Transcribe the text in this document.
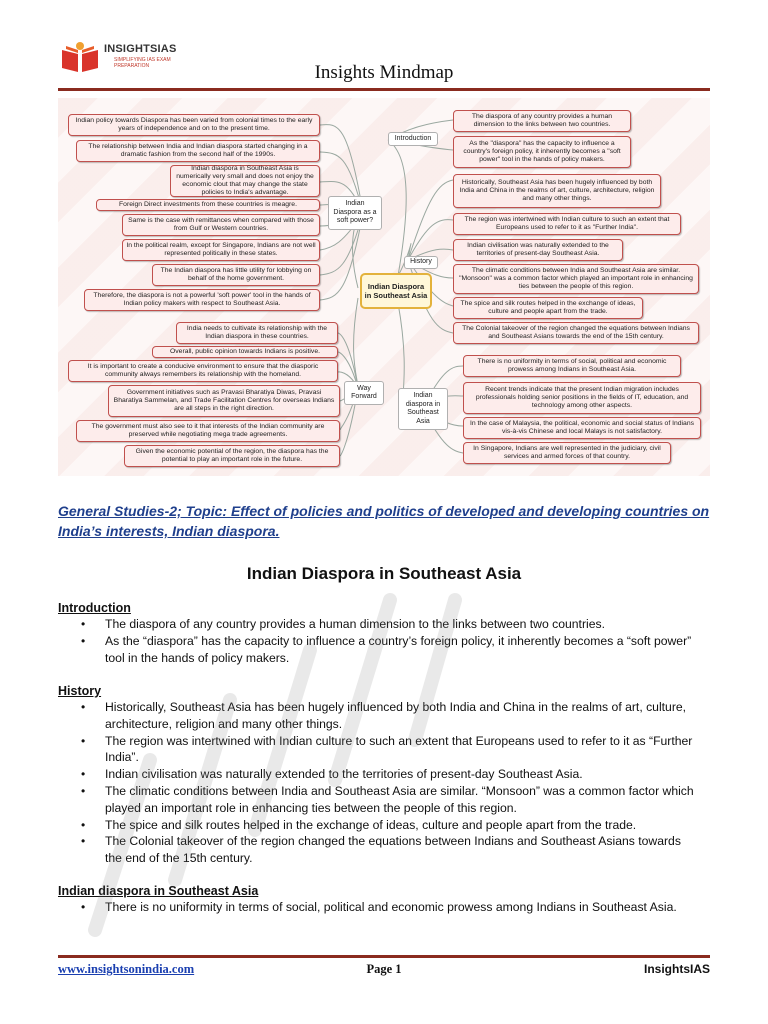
INSIGHTSIAS
SIMPLIFYING IAS EXAM PREPARATION	Insights Mindmap
Indian Diaspora in Southeast Asia
Introduction
History
Indian Diaspora as a soft power?
Way Forward	Indian diaspora in Southeast Asia
Indian policy towards Diaspora has been varied from colonial times to the early years of independence and on to the present time.
The relationship between India and Indian diaspora started changing in a dramatic fashion from the second half of the 1990s.
Indian diaspora in Southeast Asia is numerically very small and does not enjoy the economic clout that may change the state policies to India's advantage.
Foreign Direct investments from these countries is meagre.
Same is the case with remittances when compared with those from Gulf or Western countries.
In the political realm, except for Singapore, Indians are not well represented politically in these states.
The Indian diaspora has little utility for lobbying on behalf of the home government.
Therefore, the diaspora is not a powerful 'soft power' tool in the hands of Indian policy makers with respect to Southeast Asia.
India needs to cultivate its relationship with the Indian diaspora in these countries.
Overall, public opinion towards Indians is positive.
It is important to create a conducive environment to ensure that the diasporic community always remembers its relationship with the homeland.
Government initiatives such as Pravasi Bharatiya Diwas, Pravasi Bharatiya Sammelan, and Trade Facilitation Centres for overseas Indians are all steps in the right direction.
The government must also see to it that interests of the Indian community are preserved while negotiating mega trade agreements.
Given the economic potential of the region, the diaspora has the potential to play an important role in the future.
The diaspora of any country provides a human dimension to the links between two countries.
As the "diaspora" has the capacity to influence a country's foreign policy, it inherently becomes a "soft power" tool in the hands of policy makers.
Historically, Southeast Asia has been hugely influenced by both India and China in the realms of art, culture, architecture, religion and many other things.
The region was intertwined with Indian culture to such an extent that Europeans used to refer to it as "Further India".
Indian civilisation was naturally extended to the territories of present-day Southeast Asia.
The climatic conditions between India and Southeast Asia are similar. "Monsoon" was a common factor which played an important role in enhancing ties between the people of this region.
The spice and silk routes helped in the exchange of ideas, culture and people apart from the trade.
The Colonial takeover of the region changed the equations between Indians and Southeast Asians towards the end of the 15th century.
There is no uniformity in terms of social, political and economic prowess among Indians in Southeast Asia.
Recent trends indicate that the present Indian migration includes professionals holding senior positions in the fields of IT, education, and technology among other aspects.
In the case of Malaysia, the political, economic and social status of Indians vis-à-vis Chinese and local Malays is not satisfactory.
In Singapore, Indians are well represented in the judiciary, civil services and armed forces of that country.
General Studies-2; Topic: Effect of policies and politics of developed and developing countries on India’s interests, Indian diaspora.
Indian Diaspora in Southeast Asia
Introduction
• The diaspora of any country provides a human dimension to the links between two countries.
• As the “diaspora” has the capacity to influence a country’s foreign policy, it inherently becomes a “soft power” tool in the hands of policy makers.
History
• Historically, Southeast Asia has been hugely influenced by both India and China in the realms of art, culture, architecture, religion and many other things.
• The region was intertwined with Indian culture to such an extent that Europeans used to refer to it as “Further India”.
• Indian civilisation was naturally extended to the territories of present-day Southeast Asia.
• The climatic conditions between India and Southeast Asia are similar. “Monsoon” was a common factor which played an important role in enhancing ties between the people of this region.
• The spice and silk routes helped in the exchange of ideas, culture and people apart from the trade.
• The Colonial takeover of the region changed the equations between Indians and Southeast Asians towards the end of the 15th century.
Indian diaspora in Southeast Asia
• There is no uniformity in terms of social, political and economic prowess among Indians in Southeast Asia.
www.insightsonindia.com	Page 1	InsightsIAS
